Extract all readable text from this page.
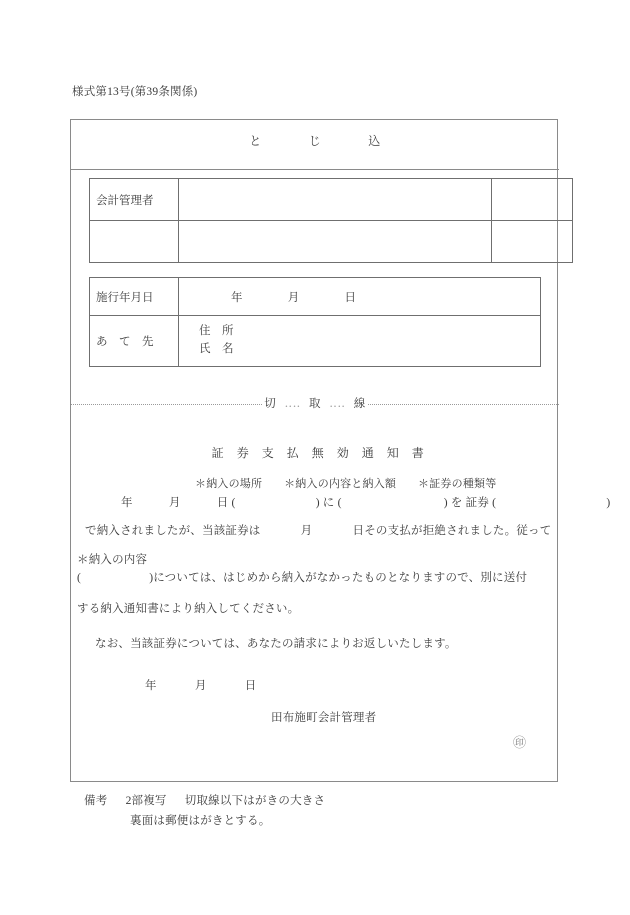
様式第13号(第39条関係)
と	じ	込
会計管理者		

施行年月日	年 月 日
あ　て　先	住　所
氏　名
切 ‥‥ 取 ‥‥ 線
証 券 支 払 無 効 通 知 書
＊納入の場所 ＊納入の内容と納入額 ＊証券の種類等
年	月	日 (	) に (	) を 証券 (	)
で納入されましたが、当該証券は	月	日その支払が拒絶されました。従って
＊納入の内容
(	)については、はじめから納入がなかったものとなりますので、別に送付
する納入通知書により納入してください。
なお、当該証券については、あなたの請求によりお返しいたします。
年	月	日
田布施町会計管理者
㊞
備考 2部複写 切取線以下はがきの大きさ
裏面は郵便はがきとする。
